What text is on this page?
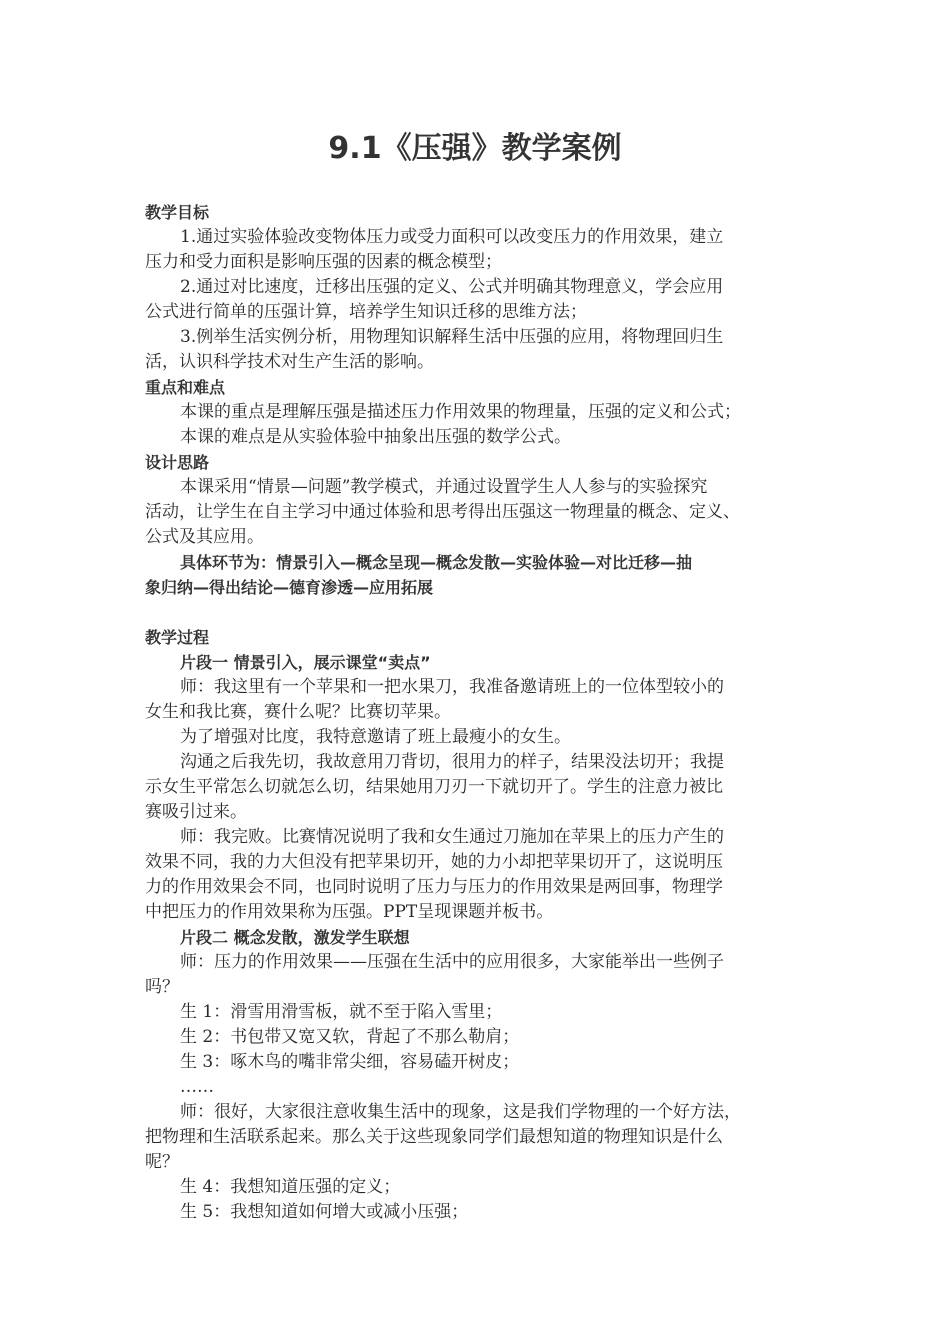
9.1《压强》教学案例
教学目标
1.通过实验体验改变物体压力或受力面积可以改变压力的作用效果，建立
压力和受力面积是影响压强的因素的概念模型；
2.通过对比速度，迁移出压强的定义、公式并明确其物理意义，学会应用
公式进行简单的压强计算，培养学生知识迁移的思维方法；
3.例举生活实例分析，用物理知识解释生活中压强的应用，将物理回归生
活，认识科学技术对生产生活的影响。
重点和难点
本课的重点是理解压强是描述压力作用效果的物理量，压强的定义和公式；
本课的难点是从实验体验中抽象出压强的数学公式。
设计思路
本课采用“情景—问题”教学模式，并通过设置学生人人参与的实验探究
活动，让学生在自主学习中通过体验和思考得出压强这一物理量的概念、定义、
公式及其应用。
具体环节为：情景引入—概念呈现—概念发散—实验体验—对比迁移—抽
象归纳—得出结论—德育渗透—应用拓展
教学过程
片段一 情景引入，展示课堂“卖点”
师：我这里有一个苹果和一把水果刀，我准备邀请班上的一位体型较小的
女生和我比赛，赛什么呢？比赛切苹果。
为了增强对比度，我特意邀请了班上最瘦小的女生。
沟通之后我先切，我故意用刀背切，很用力的样子，结果没法切开；我提
示女生平常怎么切就怎么切，结果她用刀刃一下就切开了。学生的注意力被比
赛吸引过来。
师：我完败。比赛情况说明了我和女生通过刀施加在苹果上的压力产生的
效果不同，我的力大但没有把苹果切开，她的力小却把苹果切开了，这说明压
力的作用效果会不同，也同时说明了压力与压力的作用效果是两回事，物理学
中把压力的作用效果称为压强。PPT呈现课题并板书。
片段二 概念发散，激发学生联想
师：压力的作用效果——压强在生活中的应用很多，大家能举出一些例子
吗？
生 1：滑雪用滑雪板，就不至于陷入雪里；
生 2：书包带又宽又软，背起了不那么勒肩；
生 3：啄木鸟的嘴非常尖细，容易磕开树皮；
……
师：很好，大家很注意收集生活中的现象，这是我们学物理的一个好方法，
把物理和生活联系起来。那么关于这些现象同学们最想知道的物理知识是什么
呢？
生 4：我想知道压强的定义；
生 5：我想知道如何增大或减小压强；
